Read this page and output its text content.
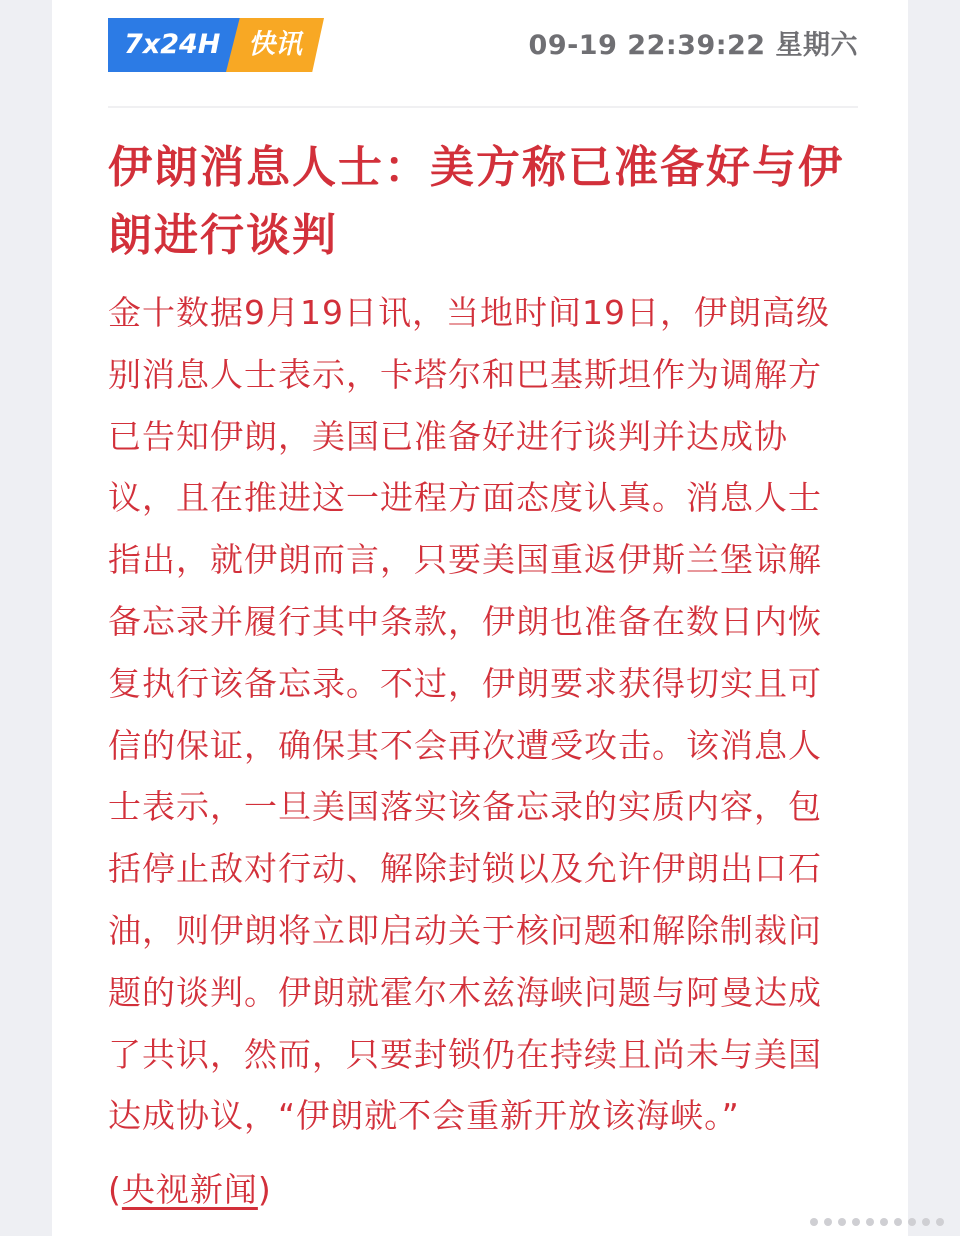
7x24H 快讯	09-19 22:39:22 星期六
伊朗消息人士：美方称已准备好与伊朗进行谈判

金十数据9月19日讯，当地时间19日，伊朗高级别消息人士表示，卡塔尔和巴基斯坦作为调解方已告知伊朗，美国已准备好进行谈判并达成协议，且在推进这一进程方面态度认真。消息人士指出，就伊朗而言，只要美国重返伊斯兰堡谅解备忘录并履行其中条款，伊朗也准备在数日内恢复执行该备忘录。不过，伊朗要求获得切实且可信的保证，确保其不会再次遭受攻击。该消息人士表示，一旦美国落实该备忘录的实质内容，包括停止敌对行动、解除封锁以及允许伊朗出口石油，则伊朗将立即启动关于核问题和解除制裁问题的谈判。伊朗就霍尔木兹海峡问题与阿曼达成了共识，然而，只要封锁仍在持续且尚未与美国达成协议，“伊朗就不会重新开放该海峡。”

(央视新闻)
